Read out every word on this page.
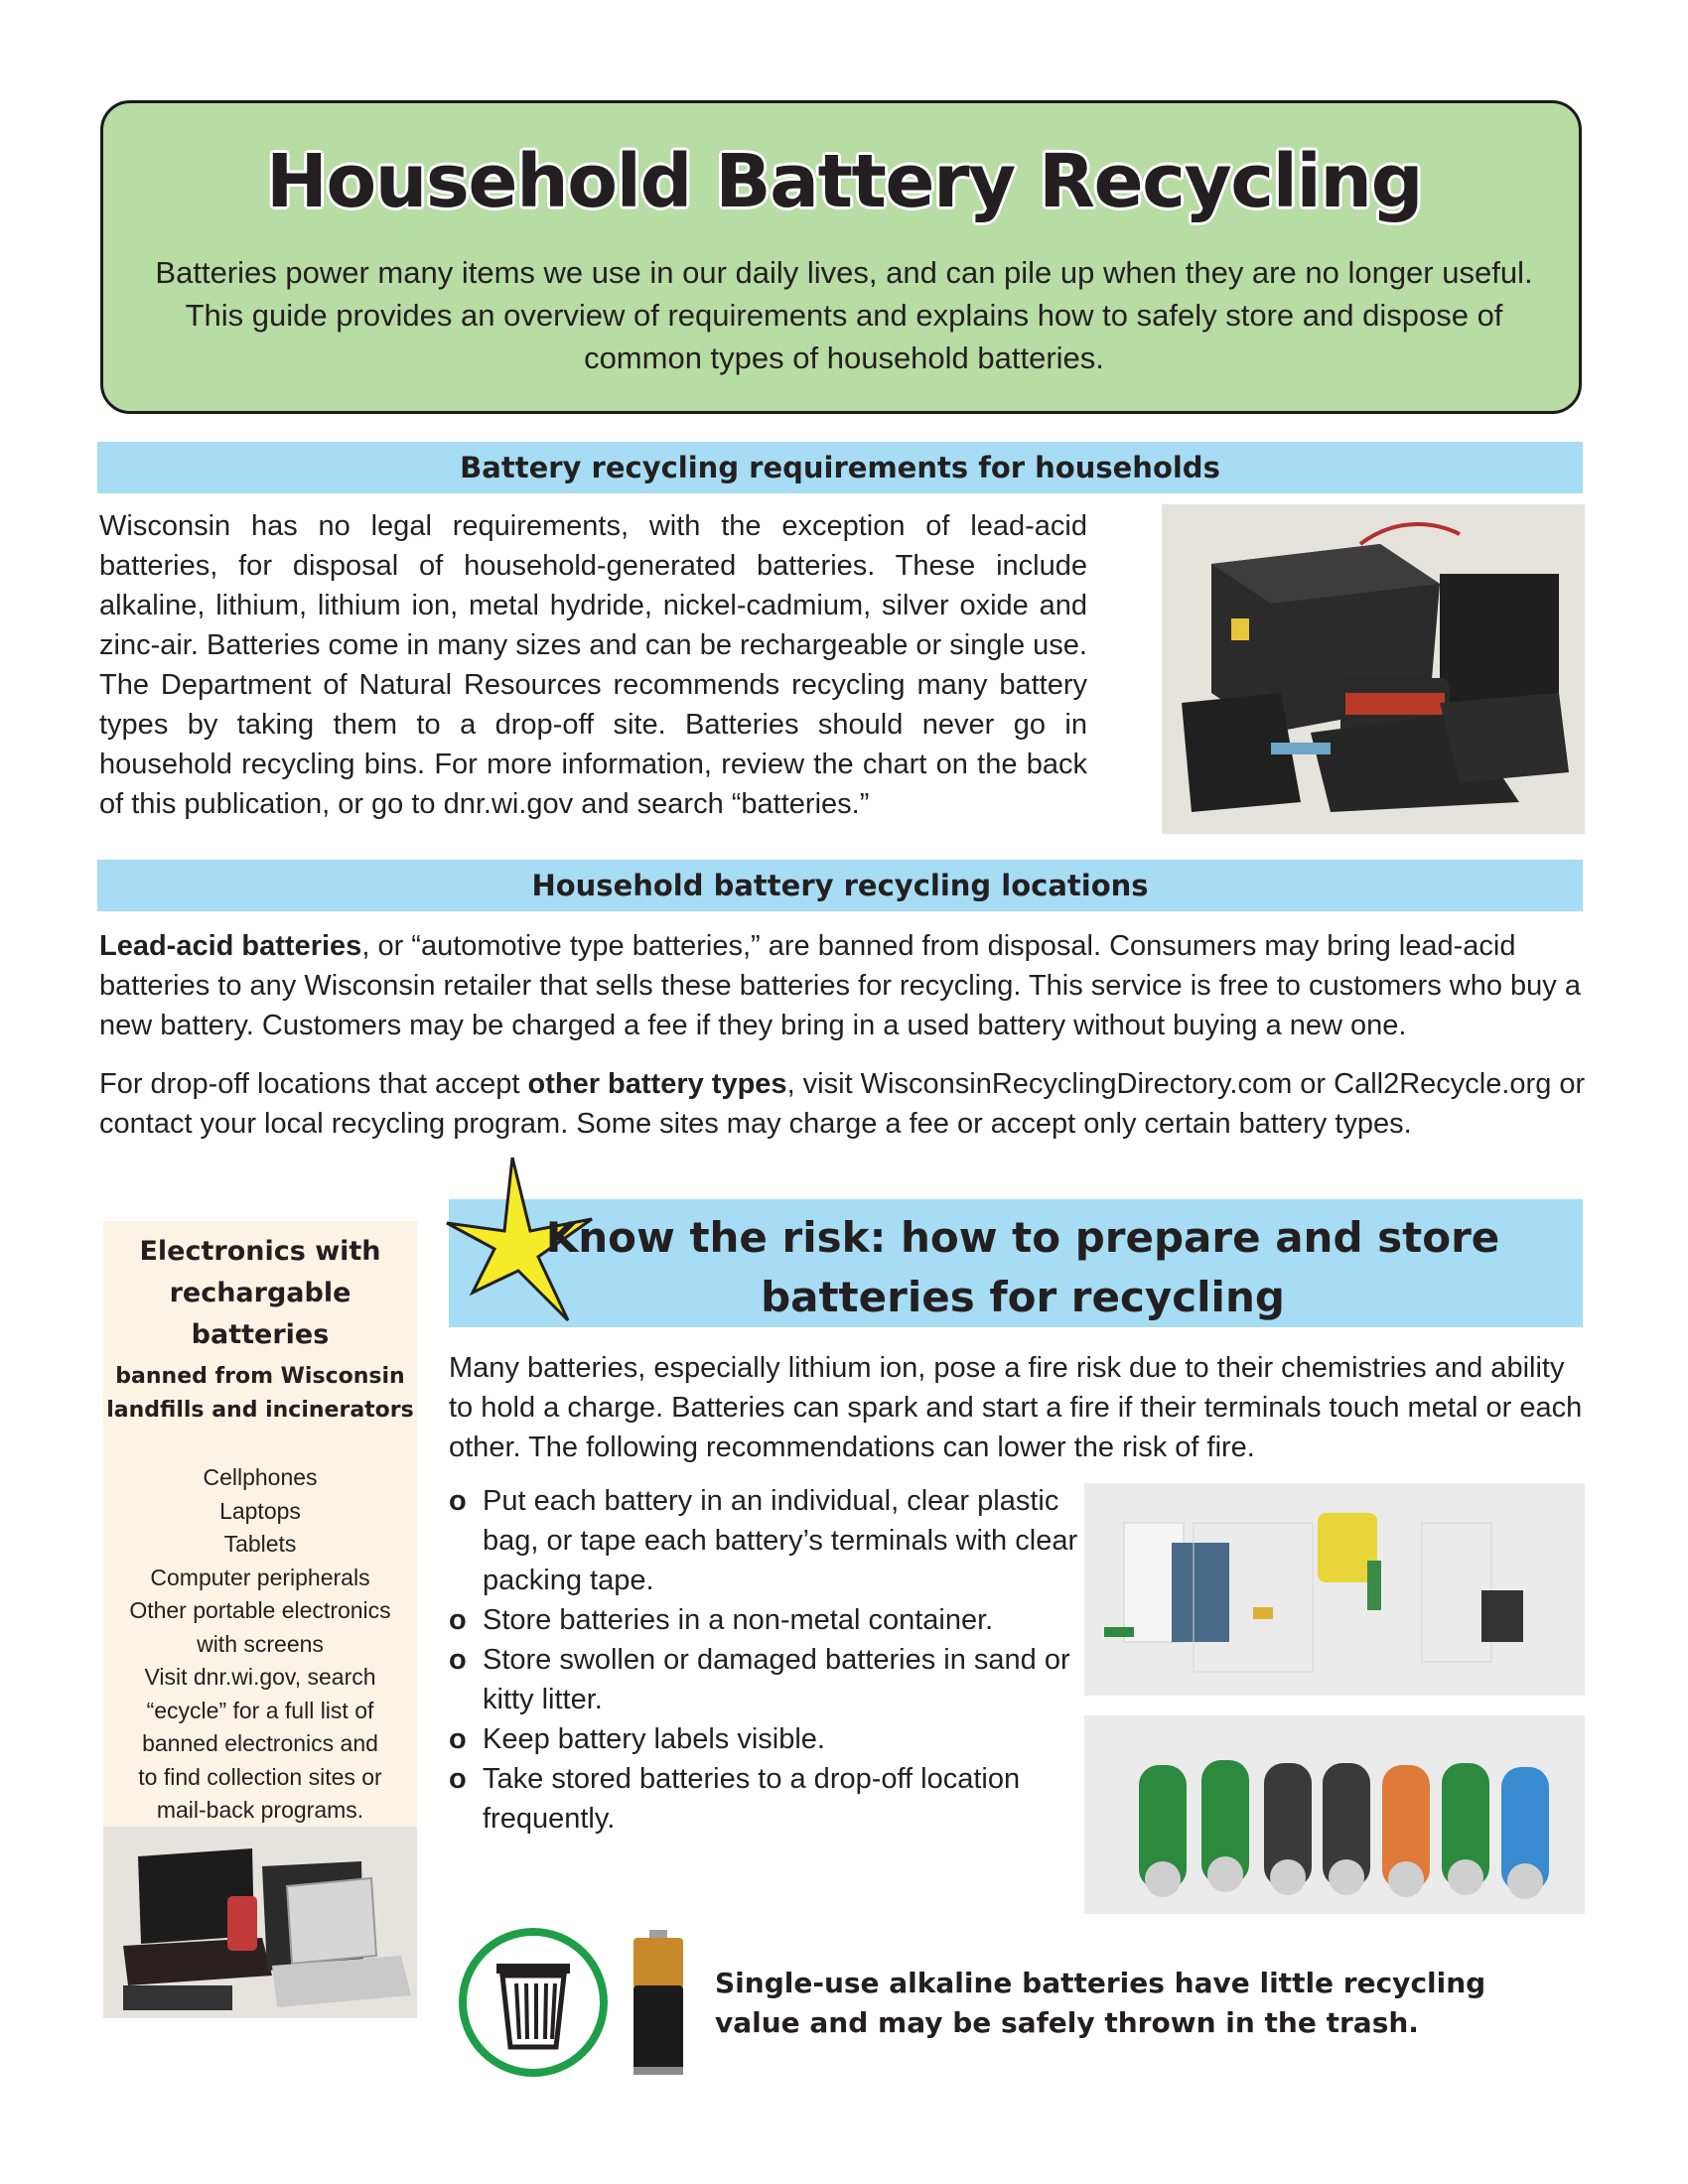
Household Battery Recycling
Batteries power many items we use in our daily lives, and can pile up when they are no longer useful. This guide provides an overview of requirements and explains how to safely store and dispose of common types of household batteries.
Battery recycling requirements for households
Wisconsin has no legal requirements, with the exception of lead-acid batteries, for disposal of household-generated batteries. These include alkaline, lithium, lithium ion, metal hydride, nickel-cadmium, silver oxide and zinc-air. Batteries come in many sizes and can be rechargeable or single use. The Department of Natural Resources recommends recycling many battery types by taking them to a drop-off site. Batteries should never go in household recycling bins. For more information, review the chart on the back of this publication, or go to dnr.wi.gov and search “batteries.”
Household battery recycling locations
Lead-acid batteries, or “automotive type batteries,” are banned from disposal. Consumers may bring lead-acid batteries to any Wisconsin retailer that sells these batteries for recycling. This service is free to customers who buy a new battery. Customers may be charged a fee if they bring in a used battery without buying a new one.
For drop-off locations that accept other battery types, visit WisconsinRecyclingDirectory.com or Call2Recycle.org or contact your local recycling program. Some sites may charge a fee or accept only certain battery types.
Electronics with rechargable batteries
banned from Wisconsin landfills and incinerators
Cellphones
Laptops
Tablets
Computer peripherals
Other portable electronics
with screens
Visit dnr.wi.gov, search
“ecycle” for a full list of
banned electronics and
to find collection sites or
mail-back programs.
Know the risk: how to prepare and store
batteries for recycling
Many batteries, especially lithium ion, pose a fire risk due to their chemistries and ability to hold a charge. Batteries can spark and start a fire if their terminals touch metal or each other. The following recommendations can lower the risk of fire.
o Put each battery in an individual, clear plastic bag, or tape each battery’s terminals with clear packing tape.
o Store batteries in a non-metal container.
o Store swollen or damaged batteries in sand or kitty litter.
o Keep battery labels visible.
o Take stored batteries to a drop-off location frequently.
Single-use alkaline batteries have little recycling value and may be safely thrown in the trash.
